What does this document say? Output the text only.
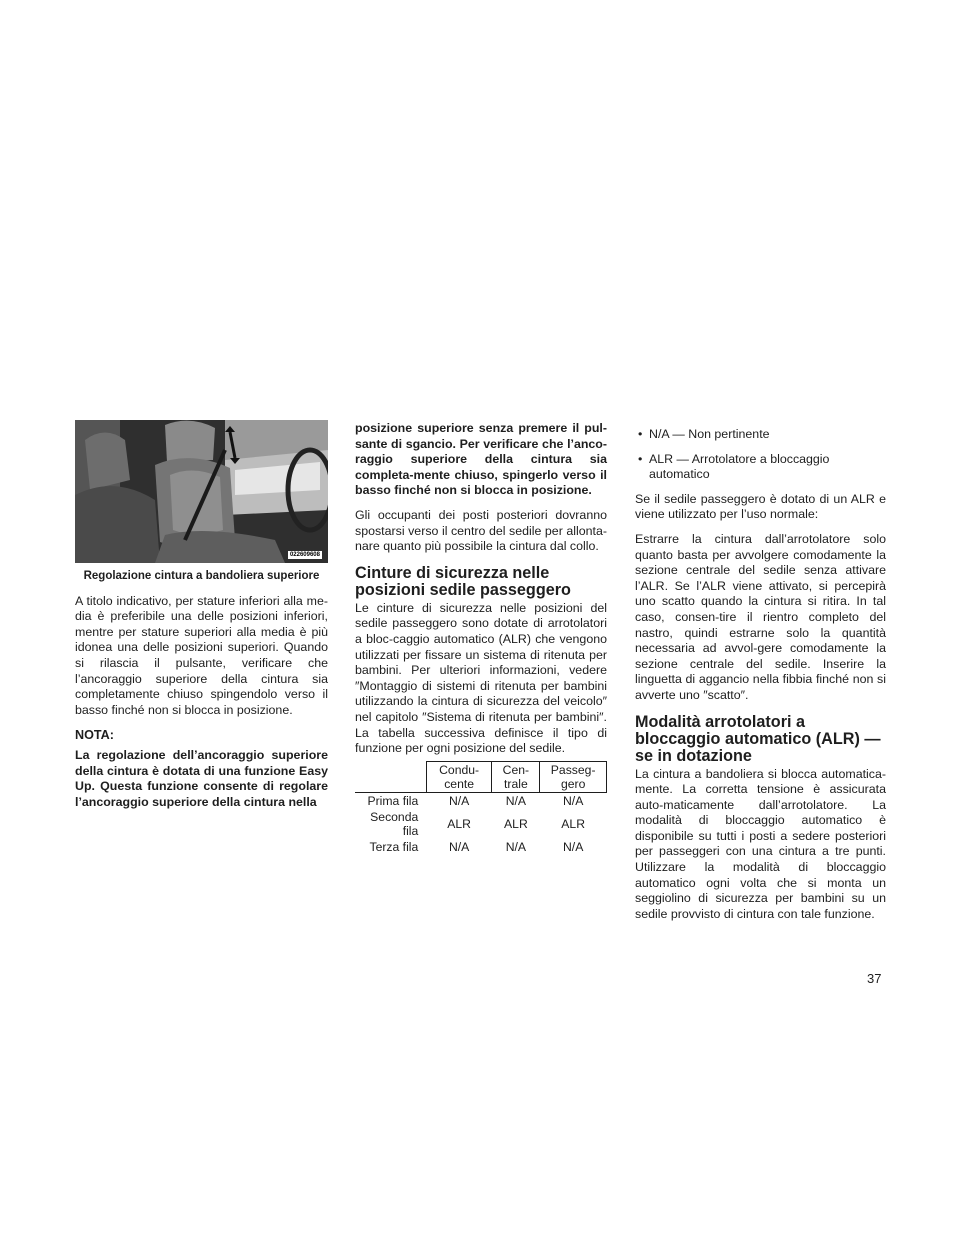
022609608
Regolazione cintura a bandoliera superiore

A titolo indicativo, per stature inferiori alla me-dia è preferibile una delle posizioni inferiori, mentre per stature superiori alla media è più idonea una delle posizioni superiori. Quando si rilascia il pulsante, verificare che l’ancoraggio superiore della cintura sia completamente chiuso spingendolo verso il basso finché non si blocca in posizione.

NOTA:

La regolazione dell’ancoraggio superiore della cintura è dotata di una funzione Easy Up. Questa funzione consente di regolare l’ancoraggio superiore della cintura nella

posizione superiore senza premere il pul-sante di sgancio. Per verificare che l’anco-raggio superiore della cintura sia completa-mente chiuso, spingerlo verso il basso finché non si blocca in posizione.

Gli occupanti dei posti posteriori dovranno spostarsi verso il centro del sedile per allonta-nare quanto più possibile la cintura dal collo.

Cinture di sicurezza nelle posizioni sedile passeggero

Le cinture di sicurezza nelle posizioni del sedile passeggero sono dotate di arrotolatori a bloc-caggio automatico (ALR) che vengono utilizzati per fissare un sistema di ritenuta per bambini. Per ulteriori informazioni, vedere ″Montaggio di sistemi di ritenuta per bambini utilizzando la cintura di sicurezza del veicolo″ nel capitolo ″Sistema di ritenuta per bambini″. La tabella successiva definisce il tipo di funzione per ogni posizione del sedile.

	Condu-cente	Cen-trale	Passeg-gero
Prima fila	N/A	N/A	N/A
Seconda fila	ALR	ALR	ALR
Terza fila	N/A	N/A	N/A
• N/A — Non pertinente
• ALR — Arrotolatore a bloccaggio automatico

Se il sedile passeggero è dotato di un ALR e viene utilizzato per l’uso normale:

Estrarre la cintura dall’arrotolatore solo quanto basta per avvolgere comodamente la sezione centrale del sedile senza attivare l’ALR. Se l’ALR viene attivato, si percepirà uno scatto quando la cintura si ritira. In tal caso, consen-tire il rientro completo del nastro, quindi estrarne solo la quantità necessaria ad avvol-gere comodamente la sezione centrale del sedile. Inserire la linguetta di aggancio nella fibbia finché non si avverte uno ″scatto″.

Modalità arrotolatori a bloccaggio automatico (ALR) — se in dotazione

La cintura a bandoliera si blocca automatica-mente. La corretta tensione è assicurata auto-maticamente dall’arrotolatore. La modalità di bloccaggio automatico è disponibile su tutti i posti a sedere posteriori per passeggeri con una cintura a tre punti. Utilizzare la modalità di bloccaggio automatico ogni volta che si monta un seggiolino di sicurezza per bambini su un sedile provvisto di cintura con tale funzione.

37
